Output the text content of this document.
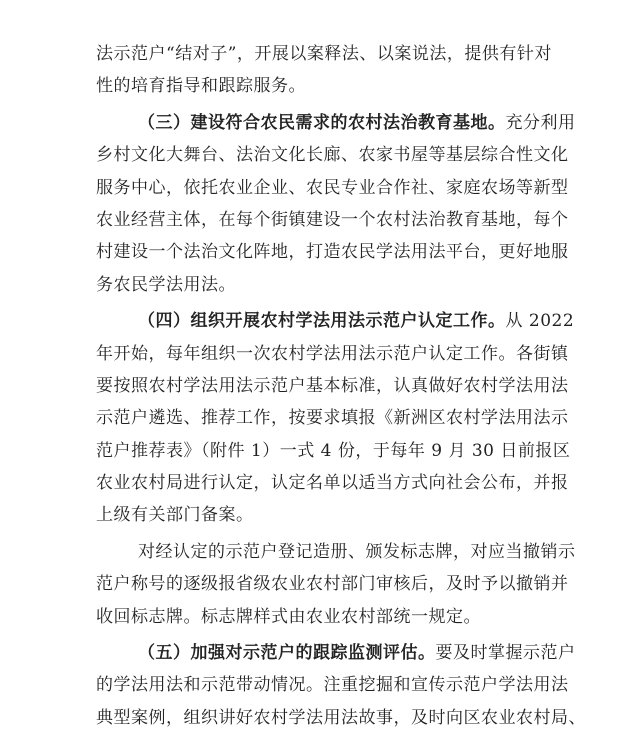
法示范户“结对子”，开展以案释法、以案说法，提供有针对
性的培育指导和跟踪服务。
（三）建设符合农民需求的农村法治教育基地。充分利用
乡村文化大舞台、法治文化长廊、农家书屋等基层综合性文化
服务中心，依托农业企业、农民专业合作社、家庭农场等新型
农业经营主体，在每个街镇建设一个农村法治教育基地，每个
村建设一个法治文化阵地，打造农民学法用法平台，更好地服
务农民学法用法。
（四）组织开展农村学法用法示范户认定工作。从 2022
年开始，每年组织一次农村学法用法示范户认定工作。各街镇
要按照农村学法用法示范户基本标准，认真做好农村学法用法
示范户遴选、推荐工作，按要求填报《新洲区农村学法用法示
范户推荐表》（附件 1）一式 4 份，于每年 9 月 30 日前报区
农业农村局进行认定，认定名单以适当方式向社会公布，并报
上级有关部门备案。
对经认定的示范户登记造册、颁发标志牌，对应当撤销示
范户称号的逐级报省级农业农村部门审核后，及时予以撤销并
收回标志牌。标志牌样式由农业农村部统一规定。
（五）加强对示范户的跟踪监测评估。要及时掌握示范户
的学法用法和示范带动情况。注重挖掘和宣传示范户学法用法
典型案例，组织讲好农村学法用法故事，及时向区农业农村局、
